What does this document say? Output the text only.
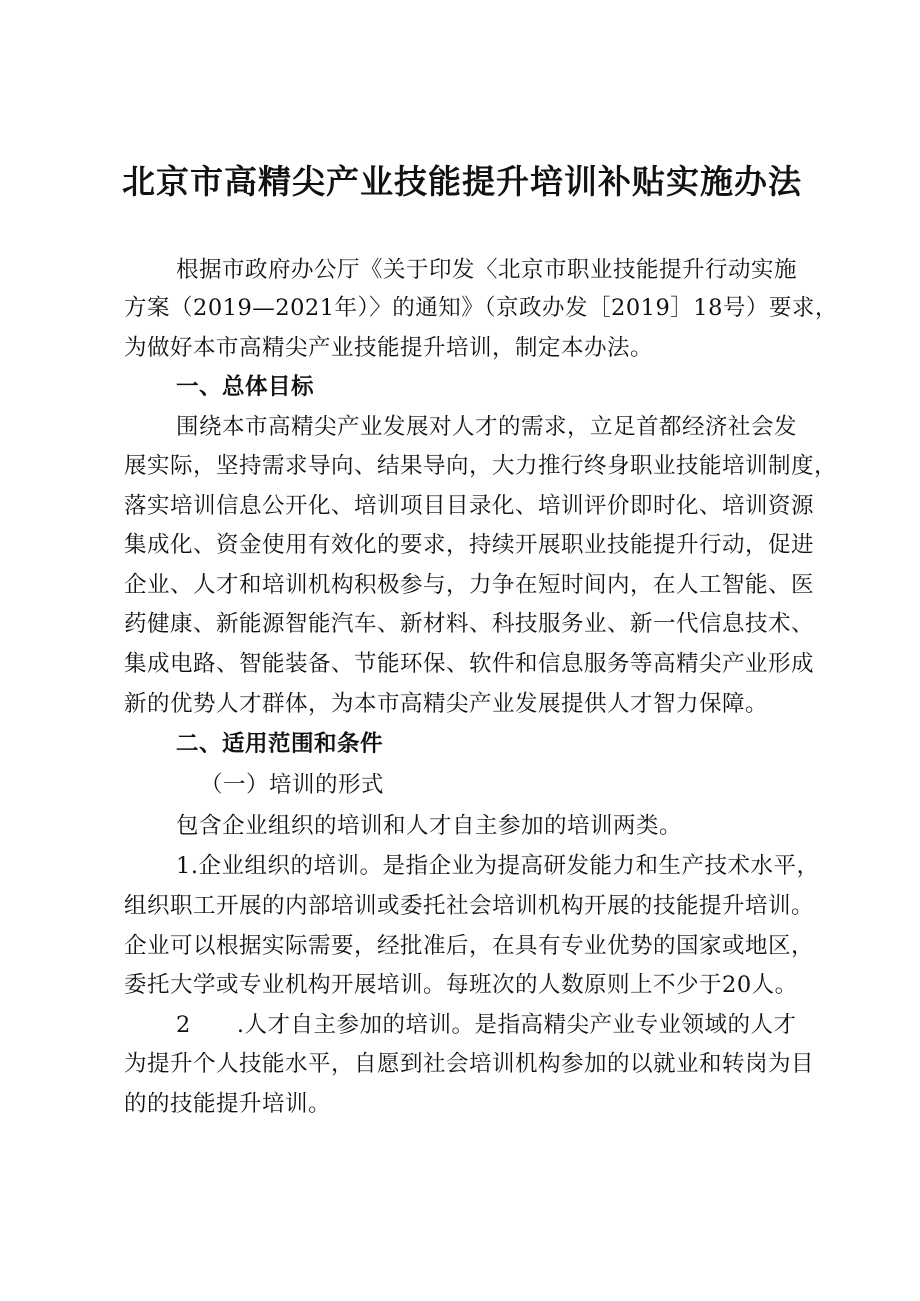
北京市高精尖产业技能提升培训补贴实施办法
根据市政府办公厅《关于印发〈北京市职业技能提升行动实施
方案（2019—2021年）〉的通知》（京政办发［2019］18号）要求，
为做好本市高精尖产业技能提升培训，制定本办法。
一、总体目标
围绕本市高精尖产业发展对人才的需求，立足首都经济社会发
展实际，坚持需求导向、结果导向，大力推行终身职业技能培训制度，
落实培训信息公开化、培训项目目录化、培训评价即时化、培训资源
集成化、资金使用有效化的要求，持续开展职业技能提升行动，促进
企业、人才和培训机构积极参与，力争在短时间内，在人工智能、医
药健康、新能源智能汽车、新材料、科技服务业、新一代信息技术、
集成电路、智能装备、节能环保、软件和信息服务等高精尖产业形成
新的优势人才群体，为本市高精尖产业发展提供人才智力保障。
二、适用范围和条件
（一）培训的形式
包含企业组织的培训和人才自主参加的培训两类。
1.企业组织的培训。是指企业为提高研发能力和生产技术水平，
组织职工开展的内部培训或委托社会培训机构开展的技能提升培训。
企业可以根据实际需要，经批准后，在具有专业优势的国家或地区，
委托大学或专业机构开展培训。每班次的人数原则上不少于20人。
2　　.人才自主参加的培训。是指高精尖产业专业领域的人才
为提升个人技能水平，自愿到社会培训机构参加的以就业和转岗为目
的的技能提升培训。
